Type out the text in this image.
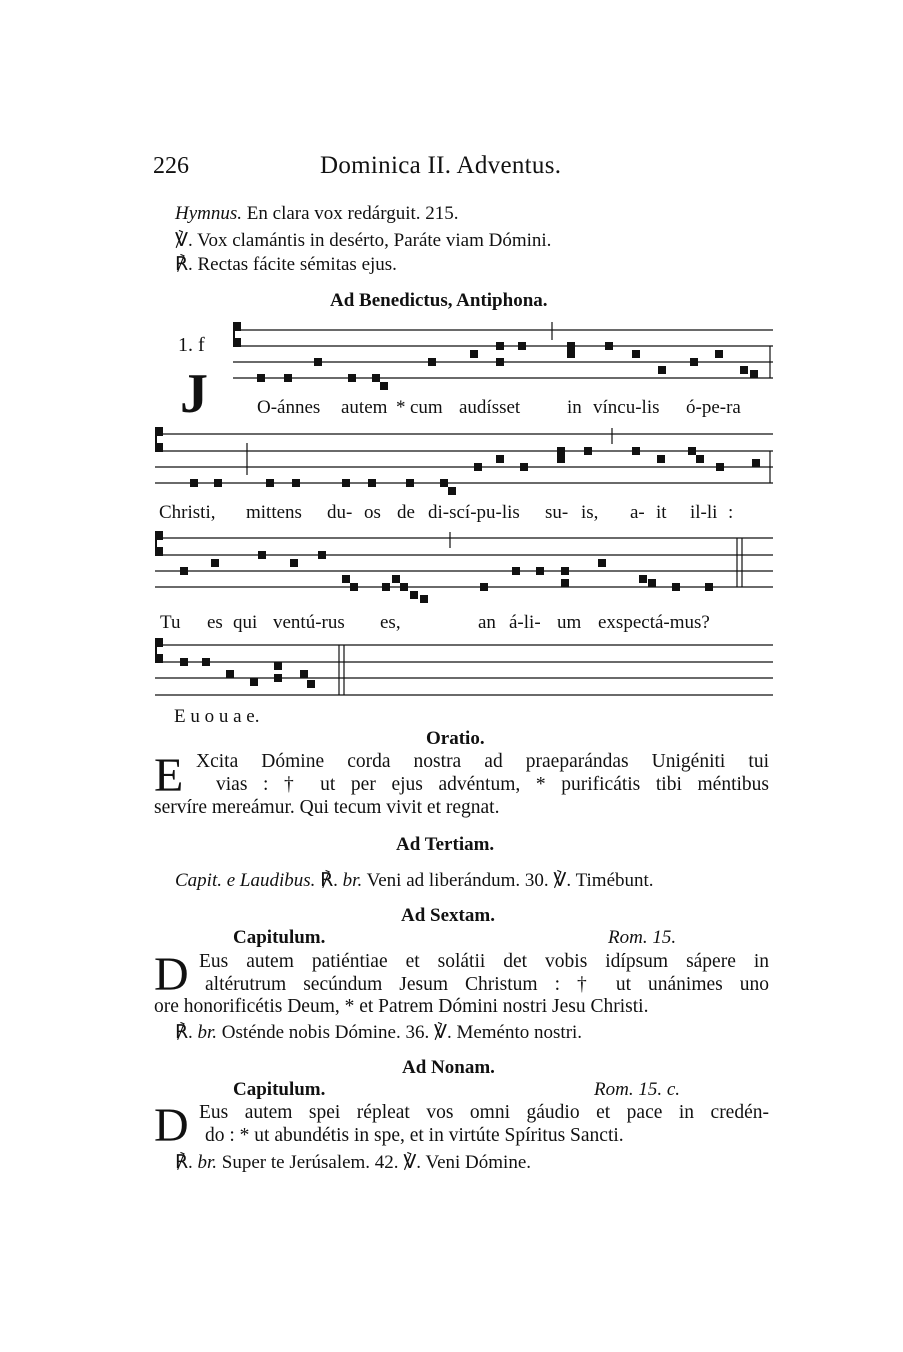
226	Dominica II. Adventus.
Hymnus. En clara vox redárguit. 215.
℣. Vox clamántis in desérto, Paráte viam Dómini.
℟. Rectas fácite sémitas ejus.
Ad Benedictus, Antiphona.
1. f
J	O-ánnes autem * cum audísset in víncu-lis ó-pe-ra
Christi, mittens du- os de di-scí-pu-lis su- is, a- it il-li :
Tu es qui ventú-rus es,	an á-li- um exspectá-mus?
E u o u a e.
Oratio.
E Xcita Dómine corda nostra ad praeparándas Unigéniti tui
vias : † ut per ejus advéntum, * purificátis tibi méntibus
servíre mereámur. Qui tecum vivit et regnat.
Ad Tertiam.
Capit. e Laudibus. ℟. br. Veni ad liberándum. 30. ℣. Timébunt.
Ad Sextam.
Capitulum.	Rom. 15.
D Eus autem patiéntiae et solátii det vobis idípsum sápere in
altérutrum secúndum Jesum Christum : † ut unánimes uno
ore honorificétis Deum, * et Patrem Dómini nostri Jesu Christi.
℟. br. Osténde nobis Dómine. 36. ℣. Meménto nostri.
Ad Nonam.
Capitulum.	Rom. 15. c.
D Eus autem spei répleat vos omni gáudio et pace in credén-
do : * ut abundétis in spe, et in virtúte Spíritus Sancti.
℟. br. Super te Jerúsalem. 42. ℣. Veni Dómine.
